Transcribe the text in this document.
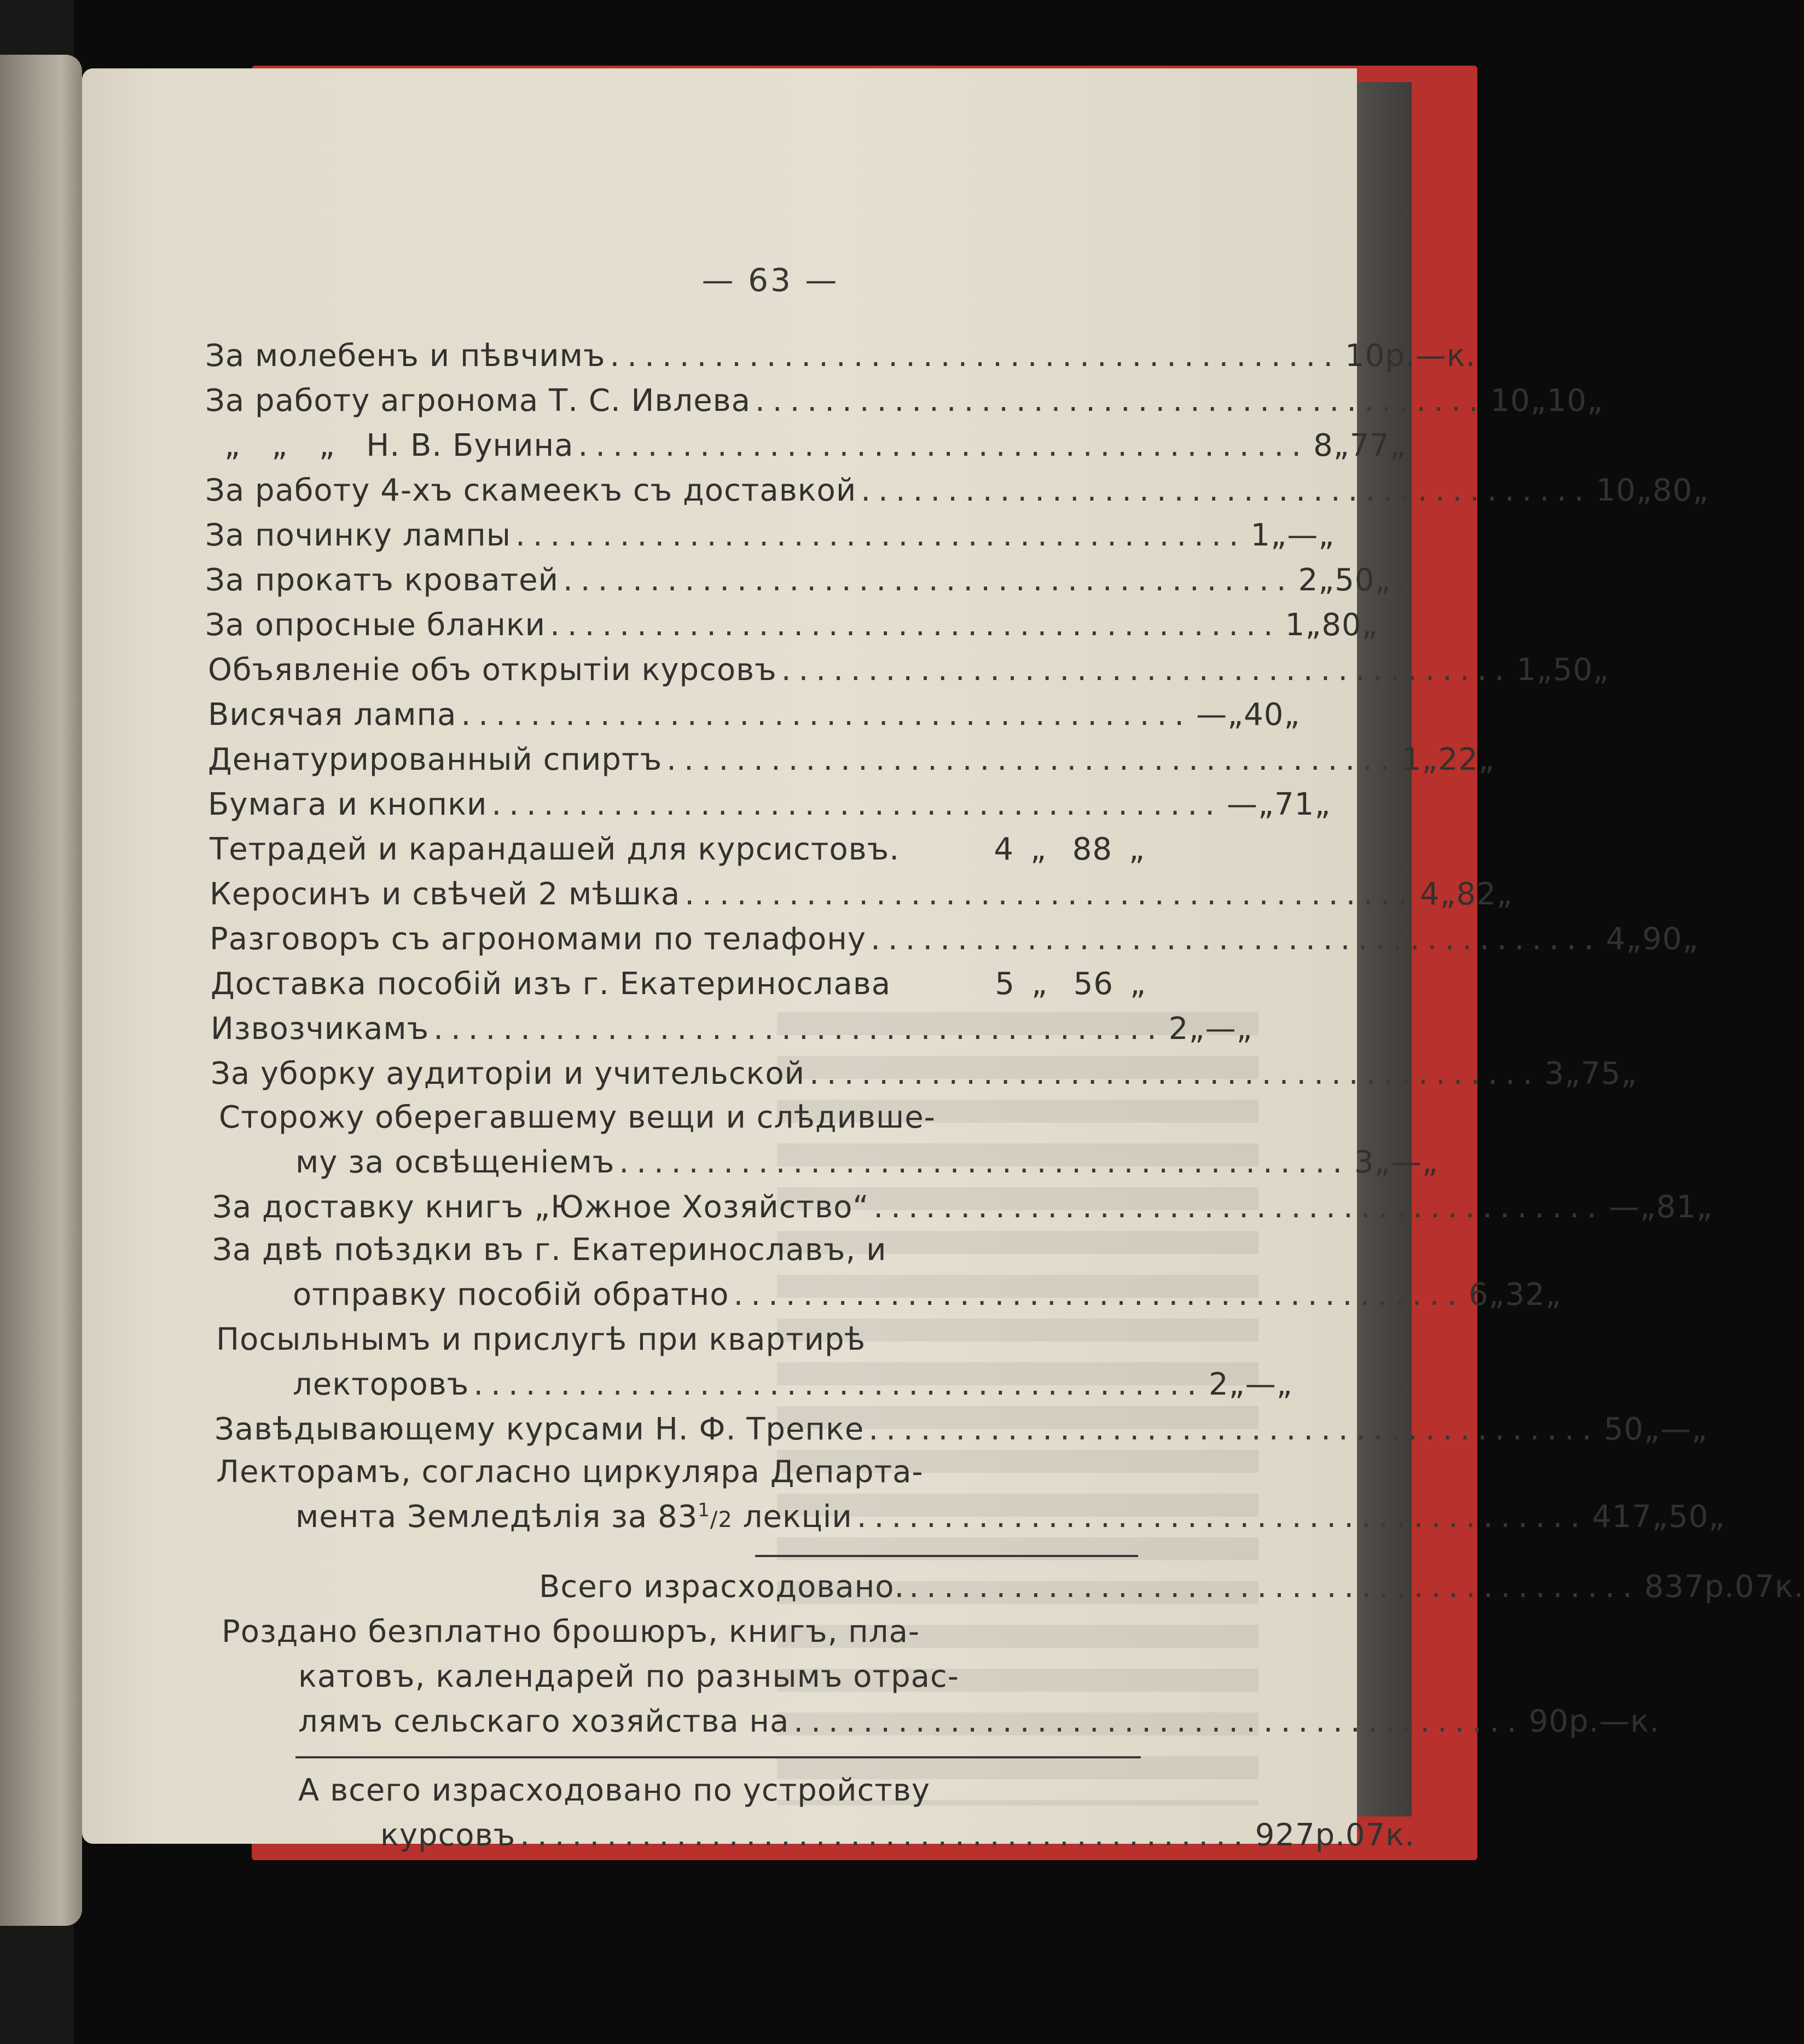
— 63 —
За молебенъ и пѣвчимъ .......................................... 10 р. — к.
За работу агронома Т. С. Ивлева .......................................... 10 „ 10 „
„   „   „   Н. В. Бунина .......................................... 8 „ 77 „
За работу 4-хъ скамеекъ съ доставкой .......................................... 10 „ 80 „
За починку лампы .......................................... 1 „ — „
За прокатъ кроватей .......................................... 2 „ 50 „
За опросные бланки .......................................... 1 „ 80 „
Объявленіе объ открытіи курсовъ .......................................... 1 „ 50 „
Висячая лампа .......................................... — „ 40 „
Денатурированный спиртъ .......................................... 1 „ 22 „
Бумага и кнопки .......................................... — „ 71 „
Тетрадей и карандашей для курсистовъ.	4 „ 88 „
Керосинъ и свѣчей 2 мѣшка .......................................... 4 „ 82 „
Разговоръ съ агрономами по телафону .......................................... 4 „ 90 „
Доставка пособій изъ г. Екатеринослава	5 „ 56 „
Извозчикамъ .......................................... 2 „ — „
За уборку аудиторіи и учительской .......................................... 3 „ 75 „
Сторожу оберегавшему вещи и слѣдивше-
му за освѣщеніемъ .......................................... 3 „ — „
За доставку книгъ „Южное Хозяйство“ .......................................... — „ 81 „
За двѣ поѣздки въ г. Екатеринославъ, и
отправку пособій обратно .......................................... 6 „ 32 „
Посыльнымъ и прислугѣ при квартирѣ
лекторовъ .......................................... 2 „ — „
Завѣдывающему курсами Н. Ф. Трепке .......................................... 50 „ — „
Лекторамъ, согласно циркуляра Департа-
мента Земледѣлія за $83^1/2$ лекціи .......................................... 417 „ 50 „
Всего израсходовано. .......................................... 837 р. 07 к.
Роздано безплатно брошюръ, книгъ, пла-
катовъ, календарей по разнымъ отрас-
лямъ сельскаго хозяйства на .......................................... 90 р. — к.
А всего израсходовано по устройству
курсовъ .......................................... 927 р. 07 к.
